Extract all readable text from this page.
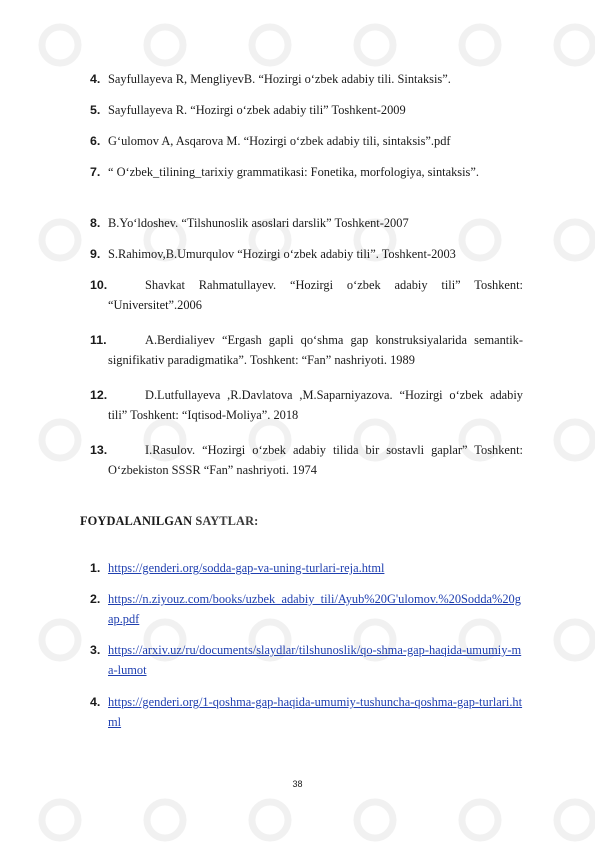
4. Sayfullayeva R, MengliyevB. “Hozirgi o‘zbek adabiy tili. Sintaksis”.
5. Sayfullayeva R. “Hozirgi o‘zbek adabiy tili” Toshkent-2009
6. G‘ulomov A, Asqarova M. “Hozirgi o‘zbek adabiy tili, sintaksis”.pdf
7. “ O‘zbek_tilining_tarixiy grammatikasi: Fonetika, morfologiya, sintaksis”.
8. B.Yo‘ldoshev. “Tilshunoslik asoslari darslik” Toshkent-2007
9. S.Rahimov,B.Umurqulov “Hozirgi o‘zbek adabiy tili”. Toshkent-2003
10.	Shavkat Rahmatullayev. “Hozirgi o‘zbek adabiy tili” Toshkent: “Universitet”.2006
11.	A.Berdialiyev “Ergash gapli qo‘shma gap konstruksiyalarida semantik-signifikativ paradigmatika”. Toshkent: “Fan” nashriyoti. 1989
12.	D.Lutfullayeva ,R.Davlatova ,M.Saparniyazova. “Hozirgi o‘zbek adabiy tili” Toshkent: “Iqtisod-Moliya”. 2018
13.	I.Rasulov. “Hozirgi o‘zbek adabiy tilida bir sostavli gaplar” Toshkent: O‘zbekiston SSSR “Fan” nashriyoti. 1974
FOYDALANILGAN SAYTLAR:
1. https://genderi.org/sodda-gap-va-uning-turlari-reja.html
2. https://n.ziyouz.com/books/uzbek_adabiy_tili/Ayub%20G'ulomov.%20Sodda%20gap.pdf
3. https://arxiv.uz/ru/documents/slaydlar/tilshunoslik/qo-shma-gap-haqida-umumiy-ma-lumot
4. https://genderi.org/1-qoshma-gap-haqida-umumiy-tushuncha-qoshma-gap-turlari.html
38
